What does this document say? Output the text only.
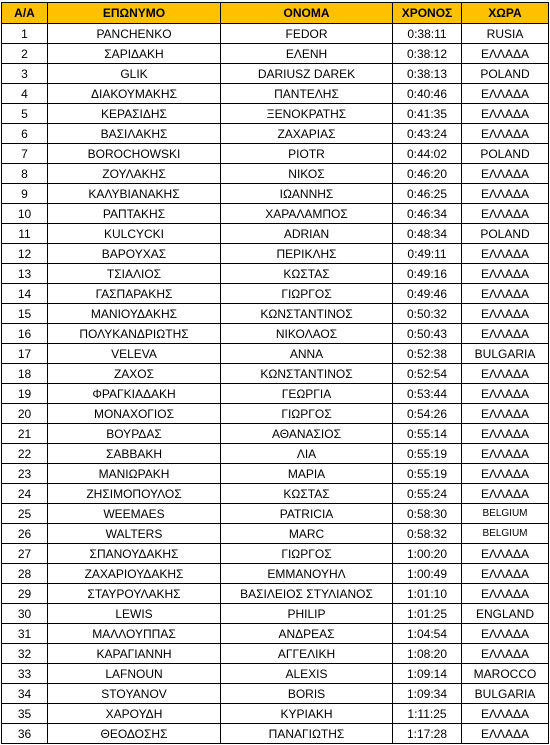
Α/Α	ΕΠΩΝΥΜΟ	ΟΝΟΜΑ	ΧΡΟΝΟΣ	ΧΩΡΑ
1	PANCHENKO	FEDOR	0:38:11	RUSIA
2	ΣΑΡΙΔΑΚΗ	ΕΛΕΝΗ	0:38:12	ΕΛΛΑΔΑ
3	GLIK	DARIUSZ DAREK	0:38:13	POLAND
4	ΔΙΑΚΟΥΜΑΚΗΣ	ΠΑΝΤΕΛΗΣ	0:40:46	ΕΛΛΑΔΑ
5	ΚΕΡΑΣΙΔΗΣ	ΞΕΝΟΚΡΑΤΗΣ	0:41:35	ΕΛΛΑΔΑ
6	ΒΑΣΙΛΑΚΗΣ	ΖΑΧΑΡΙΑΣ	0:43:24	ΕΛΛΑΔΑ
7	BOROCHOWSKI	PIOTR	0:44:02	POLAND
8	ΖΟΥΛΑΚΗΣ	ΝΙΚΟΣ	0:46:20	ΕΛΛΑΔΑ
9	ΚΑΛΥΒΙΑΝΑΚΗΣ	ΙΩΑΝΝΗΣ	0:46:25	ΕΛΛΑΔΑ
10	ΡΑΠΤΑΚΗΣ	ΧΑΡΑΛΑΜΠΟΣ	0:46:34	ΕΛΛΑΔΑ
11	KULCYCKI	ADRIAN	0:48:34	POLAND
12	ΒΑΡΟΥΧΑΣ	ΠΕΡΙΚΛΗΣ	0:49:11	ΕΛΛΑΔΑ
13	ΤΣΙΑΛΙΟΣ	ΚΩΣΤΑΣ	0:49:16	ΕΛΛΑΔΑ
14	ΓΑΣΠΑΡΑΚΗΣ	ΓΙΩΡΓΟΣ	0:49:46	ΕΛΛΑΔΑ
15	ΜΑΝΙΟΥΔΑΚΗΣ	ΚΩΝΣΤΑΝΤΙΝΟΣ	0:50:32	ΕΛΛΑΔΑ
16	ΠΟΛΥΚΑΝΔΡΙΩΤΗΣ	ΝΙΚΟΛΑΟΣ	0:50:43	ΕΛΛΑΔΑ
17	VELEVA	ANNA	0:52:38	BULGARIA
18	ΖΑΧΟΣ	ΚΩΝΣΤΑΝΤΙΝΟΣ	0:52:54	ΕΛΛΑΔΑ
19	ΦΡΑΓΚΙΑΔΑΚΗ	ΓΕΩΡΓΙΑ	0:53:44	ΕΛΛΑΔΑ
20	ΜΟΝΑΧΟΓΙΟΣ	ΓΙΩΡΓΟΣ	0:54:26	ΕΛΛΑΔΑ
21	ΒΟΥΡΔΑΣ	ΑΘΑΝΑΣΙΟΣ	0:55:14	ΕΛΛΑΔΑ
22	ΣΑΒΒΑΚΗ	ΛΙΑ	0:55:19	ΕΛΛΑΔΑ
23	ΜΑΝΙΩΡΑΚΗ	ΜΑΡΙΑ	0:55:19	ΕΛΛΑΔΑ
24	ΖΗΣΙΜΟΠΟΥΛΟΣ	ΚΩΣΤΑΣ	0:55:24	ΕΛΛΑΔΑ
25	WEEMAES	PATRICIA	0:58:30	BELGIUM
26	WALTERS	MARC	0:58:32	BELGIUM
27	ΣΠΑΝΟΥΔΑΚΗΣ	ΓΙΩΡΓΟΣ	1:00:20	ΕΛΛΑΔΑ
28	ΖΑΧΑΡΙΟΥΔΑΚΗΣ	ΕΜΜΑΝΟΥΗΛ	1:00:49	ΕΛΛΑΔΑ
29	ΣΤΑΥΡΟΥΛΑΚΗΣ	ΒΑΣΙΛΕΙΟΣ ΣΤΥΛΙΑΝΟΣ	1:01:10	ΕΛΛΑΔΑ
30	LEWIS	PHILIP	1:01:25	ENGLAND
31	ΜΑΛΛΟΥΠΠΑΣ	ΑΝΔΡΕΑΣ	1:04:54	ΕΛΛΑΔΑ
32	ΚΑΡΑΓΙΑΝΝΗ	ΑΓΓΕΛΙΚΗ	1:08:20	ΕΛΛΑΔΑ
33	LAFNOUN	ALEXIS	1:09:14	MAROCCO
34	STOYANOV	BORIS	1:09:34	BULGARIA
35	ΧΑΡΟΥΔΗ	ΚΥΡΙΑΚΗ	1:11:25	ΕΛΛΑΔΑ
36	ΘΕΟΔΟΣΗΣ	ΠΑΝΑΓΙΩΤΗΣ	1:17:28	ΕΛΛΑΔΑ
